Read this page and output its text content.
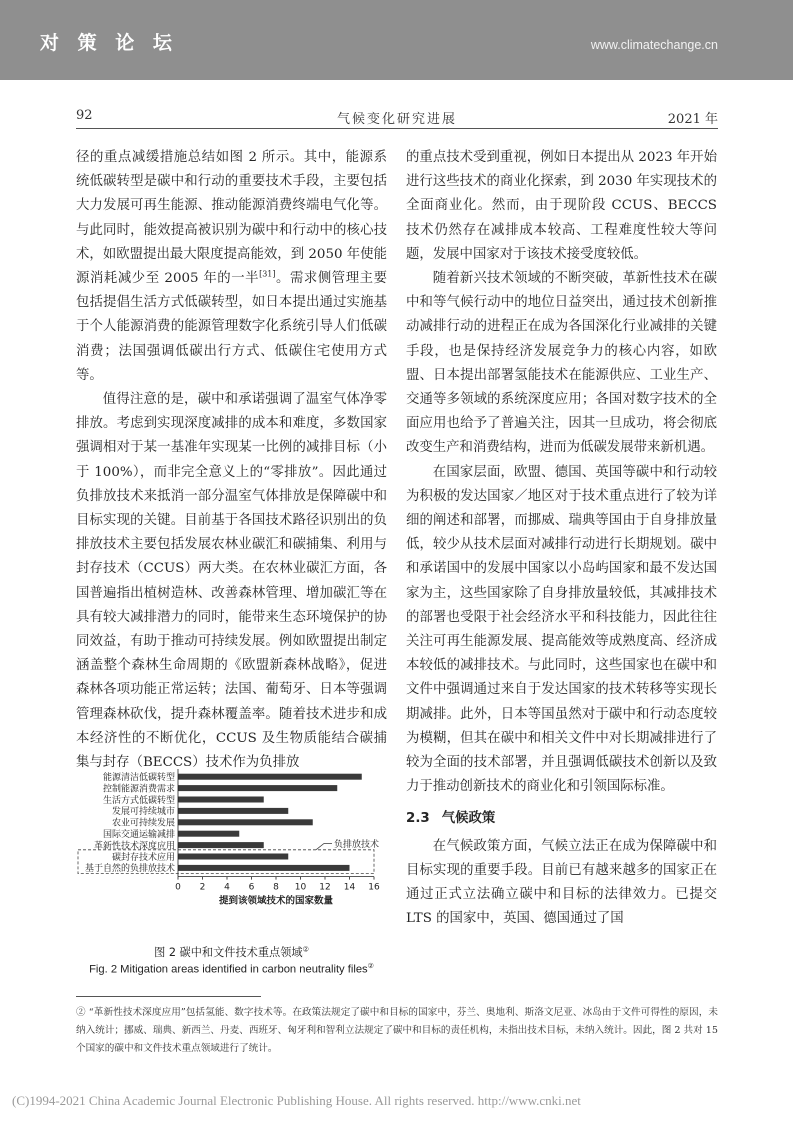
对 策 论 坛	www.climatechange.cn
气候变化研究进展
92	2021 年

径的重点减缓措施总结如图 2 所示。其中，能源系统低碳转型是碳中和行动的重要技术手段，主要包括大力发展可再生能源、推动能源消费终端电气化等。与此同时，能效提高被识别为碳中和行动中的核心技术，如欧盟提出最大限度提高能效，到 2050 年使能源消耗减少至 2005 年的一半[31]。需求侧管理主要包括提倡生活方式低碳转型，如日本提出通过实施基于个人能源消费的能源管理数字化系统引导人们低碳消费；法国强调低碳出行方式、低碳住宅使用方式等。

值得注意的是，碳中和承诺强调了温室气体净零排放。考虑到实现深度减排的成本和难度，多数国家强调相对于某一基准年实现某一比例的减排目标（小于 100%），而非完全意义上的“零排放”。因此通过负排放技术来抵消一部分温室气体排放是保障碳中和目标实现的关键。目前基于各国技术路径识别出的负排放技术主要包括发展农林业碳汇和碳捕集、利用与封存技术（CCUS）两大类。在农林业碳汇方面，各国普遍指出植树造林、改善森林管理、增加碳汇等在具有较大减排潜力的同时，能带来生态环境保护的协同效益，有助于推动可持续发展。例如欧盟提出制定涵盖整个森林生命周期的《欧盟新森林战略》，促进森林各项功能正常运转；法国、葡萄牙、日本等强调管理森林砍伐，提升森林覆盖率。随着技术进步和成本经济性的不断优化，CCUS 及生物质能结合碳捕集与封存（BECCS）技术作为负排放

的重点技术受到重视，例如日本提出从 2023 年开始进行这些技术的商业化探索，到 2030 年实现技术的全面商业化。然而，由于现阶段 CCUS、BECCS 技术仍然存在减排成本较高、工程难度性较大等问题，发展中国家对于该技术接受度较低。

随着新兴技术领域的不断突破，革新性技术在碳中和等气候行动中的地位日益突出，通过技术创新推动减排行动的进程正在成为各国深化行业减排的关键手段，也是保持经济发展竞争力的核心内容，如欧盟、日本提出部署氢能技术在能源供应、工业生产、交通等多领域的系统深度应用；各国对数字技术的全面应用也给予了普遍关注，因其一旦成功，将会彻底改变生产和消费结构，进而为低碳发展带来新机遇。

在国家层面，欧盟、德国、英国等碳中和行动较为积极的发达国家／地区对于技术重点进行了较为详细的阐述和部署，而挪威、瑞典等国由于自身排放量低，较少从技术层面对减排行动进行长期规划。碳中和承诺国中的发展中国家以小岛屿国家和最不发达国家为主，这些国家除了自身排放量较低，其减排技术的部署也受限于社会经济水平和科技能力，因此往往关注可再生能源发展、提高能效等成熟度高、经济成本较低的减排技术。与此同时，这些国家也在碳中和文件中强调通过来自于发达国家的技术转移等实现长期减排。此外，日本等国虽然对于碳中和行动态度较为模糊，但其在碳中和相关文件中对长期减排进行了较为全面的技术部署，并且强调低碳技术创新以及致力于推动创新技术的商业化和引领国际标准。

2.3 气候政策

在气候政策方面，气候立法正在成为保障碳中和目标实现的重要手段。目前已有越来越多的国家正在通过正式立法确立碳中和目标的法律效力。已提交 LTS 的国家中，英国、德国通过了国

负排放技术
能源清洁低碳转型
控制能源消费需求
生活方式低碳转型
发展可持续城市
农业可持续发展
国际交通运输减排
革新性技术深度应用
碳封存技术应用
基于自然的负排放技术
0 2 4 6 8 10 12 14 16
提到该领域技术的国家数量
图 2 碳中和文件技术重点领域②
Fig. 2 Mitigation areas identified in carbon neutrality files②
② “革新性技术深度应用”包括氢能、数字技术等。在政策法规定了碳中和目标的国家中，芬兰、奥地利、斯洛文尼亚、冰岛由于文件可得性的原因，未纳入统计；挪威、瑞典、新西兰、丹麦、西班牙、匈牙利和智利立法规定了碳中和目标的责任机构，未指出技术目标，未纳入统计。因此，图 2 共对 15 个国家的碳中和文件技术重点领域进行了统计。
(C)1994-2021 China Academic Journal Electronic Publishing House. All rights reserved. http://www.cnki.net
